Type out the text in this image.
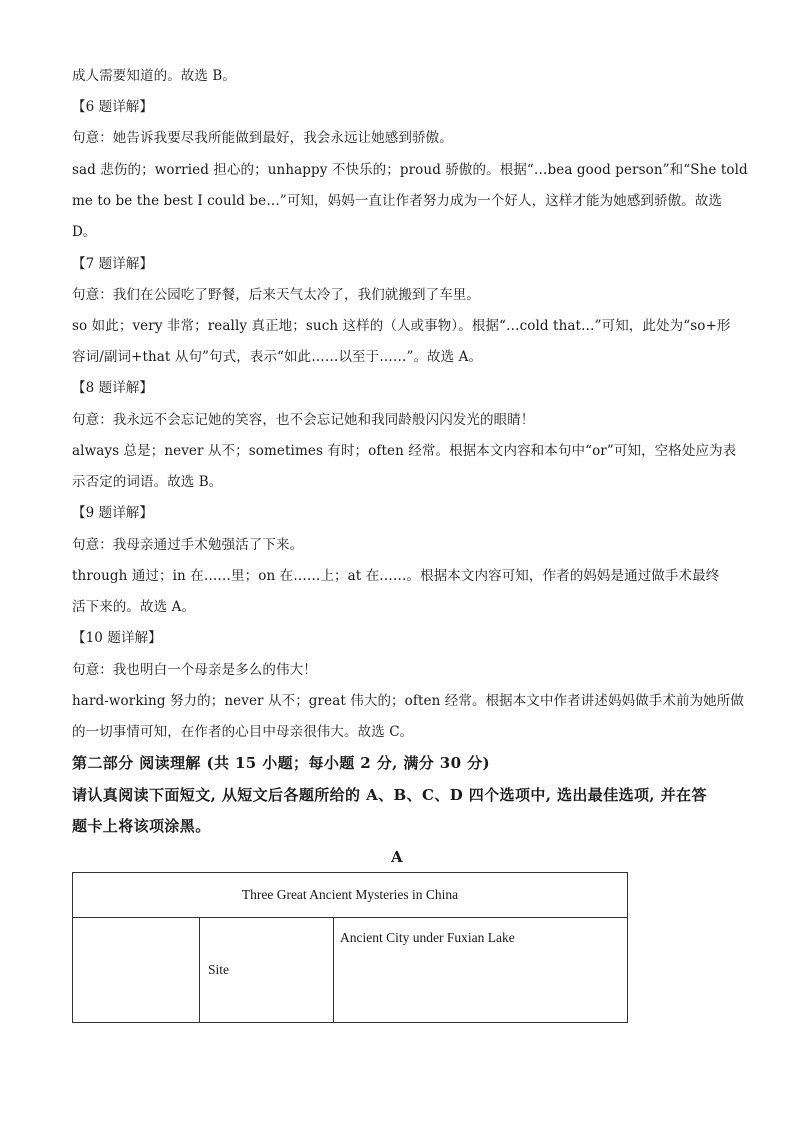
成人需要知道的。故选 B。
【6 题详解】
句意：她告诉我要尽我所能做到最好，我会永远让她感到骄傲。
sad 悲伤的；worried 担心的；unhappy 不快乐的；proud 骄傲的。根据“…bea good person”和“She told
me to be the best I could be…”可知，妈妈一直让作者努力成为一个好人，这样才能为她感到骄傲。故选
D。
【7 题详解】
句意：我们在公园吃了野餐，后来天气太冷了，我们就搬到了车里。
so 如此；very 非常；really 真正地；such 这样的（人或事物）。根据“…cold that…”可知，此处为“so+形
容词/副词+that 从句”句式，表示“如此……以至于……”。故选 A。
【8 题详解】
句意：我永远不会忘记她的笑容，也不会忘记她和我同龄般闪闪发光的眼睛！
always 总是；never 从不；sometimes 有时；often 经常。根据本文内容和本句中“or”可知，空格处应为表
示否定的词语。故选 B。
【9 题详解】
句意：我母亲通过手术勉强活了下来。
through 通过；in 在……里；on 在……上；at 在……。根据本文内容可知，作者的妈妈是通过做手术最终
活下来的。故选 A。
【10 题详解】
句意：我也明白一个母亲是多么的伟大！
hard-working 努力的；never 从不；great 伟大的；often 经常。根据本文中作者讲述妈妈做手术前为她所做
的一切事情可知，在作者的心目中母亲很伟大。故选 C。
第二部分 阅读理解 (共 15 小题；每小题 2 分, 满分 30 分)
请认真阅读下面短文, 从短文后各题所给的 A、B、C、D 四个选项中, 选出最佳选项, 并在答
题卡上将该项涂黑。
A
Three Great Ancient Mysteries in China
	Site	Ancient City under Fuxian Lake
